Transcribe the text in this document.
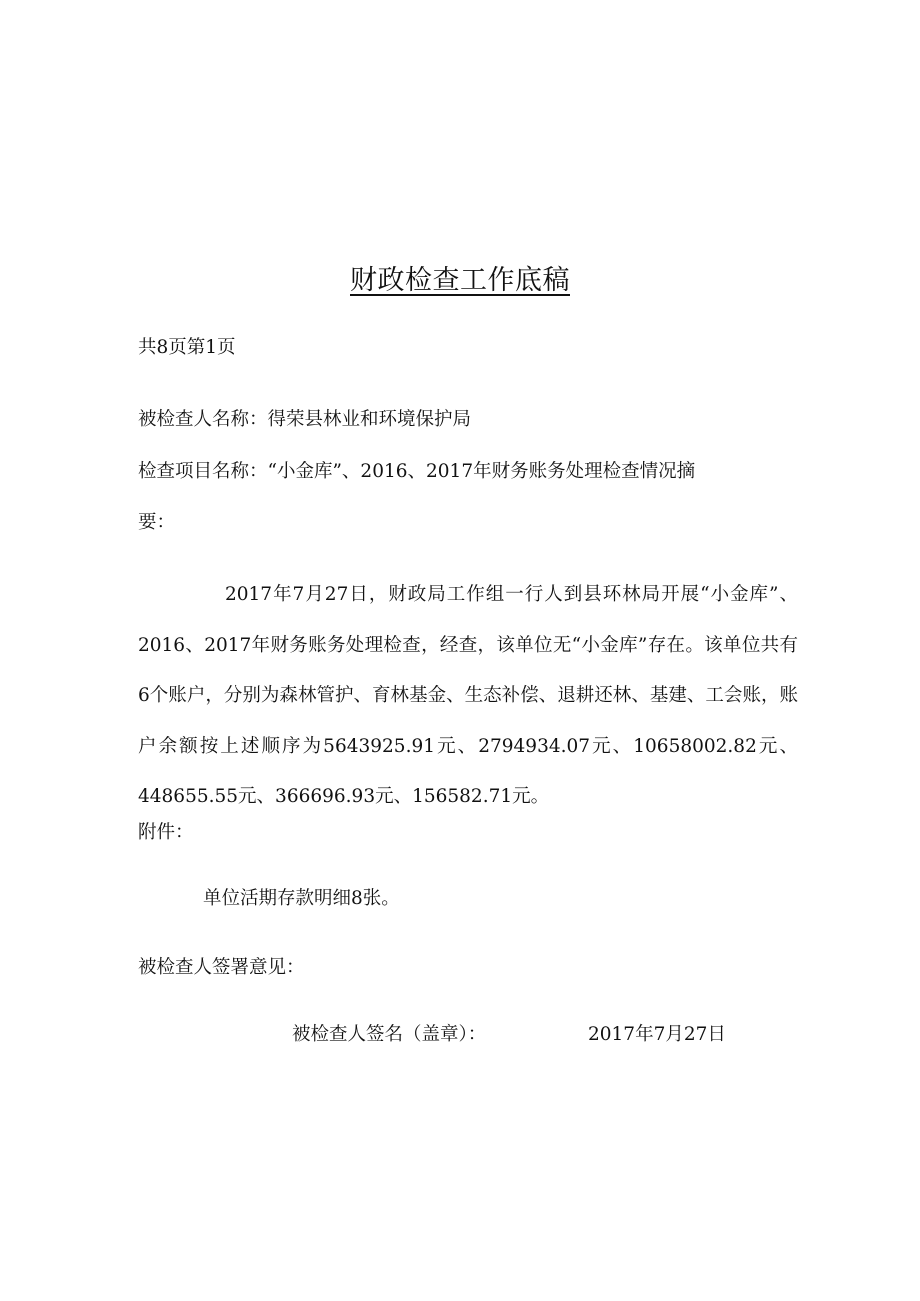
财政检查工作底稿
共8页第1页
被检查人名称：得荣县林业和环境保护局
检查项目名称：“小金库”、2016、2017年财务账务处理检查情况摘
要：
2017年7月27日，财政局工作组一行人到县环林局开展“小金库”、2016、2017年财务账务处理检查，经查，该单位无“小金库”存在。该单位共有6个账户，分别为森林管护、育林基金、生态补偿、退耕还林、基建、工会账，账户余额按上述顺序为5643925.91元、2794934.07元、10658002.82元、448655.55元、366696.93元、156582.71元。
附件：
单位活期存款明细8张。
被检查人签署意见：
被检查人签名（盖章）：	2017年7月27日
